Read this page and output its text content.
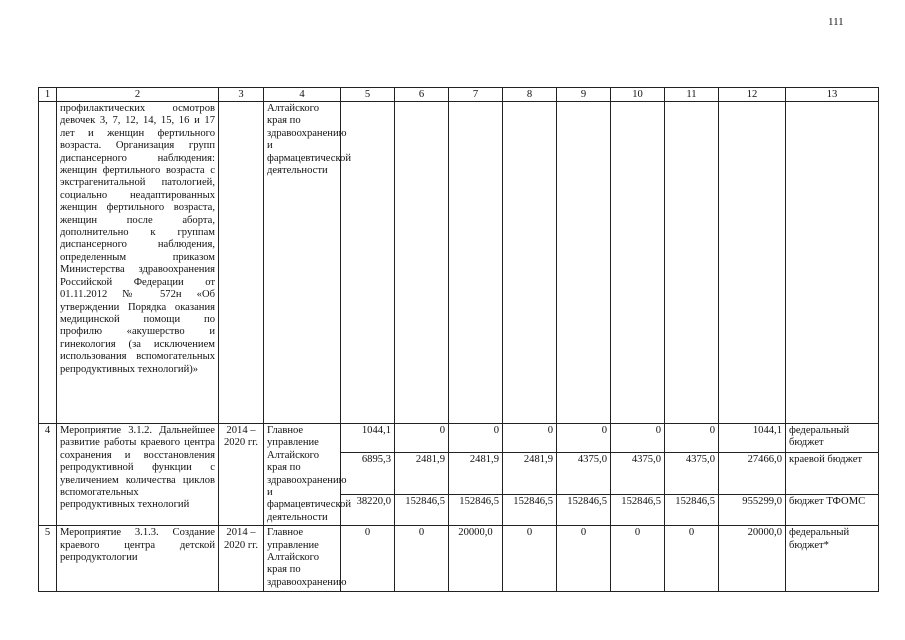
111
1	2	3	4	5	6	7	8	9	10	11	12	13
	профилактических осмотров девочек 3, 7, 12, 14, 15, 16 и 17 лет и женщин фертильного возраста. Организация групп диспансерного наблюдения: женщин фертильного возраста с экстрагенитальной патологией, социально неадаптированных женщин фертильного возраста, женщин после аборта, дополнительно к группам диспансерного наблюдения, определенным приказом Министерства здравоохранения Российской Федерации от 01.11.2012 № 572н «Об утверждении Порядка оказания медицинской помощи по профилю «акушерство и гинекология (за исключением использования вспомогательных репродуктивных технологий)»		Алтайского края по здравоохранению и фармацевтической деятельности									
4	Мероприятие 3.1.2. Дальнейшее развитие работы краевого центра сохранения и восстановления репродуктивной функции с увеличением количества циклов вспомогательных репродуктивных технологий	2014 – 2020 гг.	Главное управление Алтайского края по здравоохранению и фармацевтической деятельности	1044,1	0	0	0	0	0	0	1044,1	федеральный бюджет
				6895,3	2481,9	2481,9	2481,9	4375,0	4375,0	4375,0	27466,0	краевой бюджет
				38220,0	152846,5	152846,5	152846,5	152846,5	152846,5	152846,5	955299,0	бюджет ТФОМС
5	Мероприятие 3.1.3. Создание краевого центра детской репродуктологии	2014 – 2020 гг.	Главное управление Алтайского края по здравоохранению	0	0	20000,0	0	0	0	0	20000,0	федеральный бюджет*
